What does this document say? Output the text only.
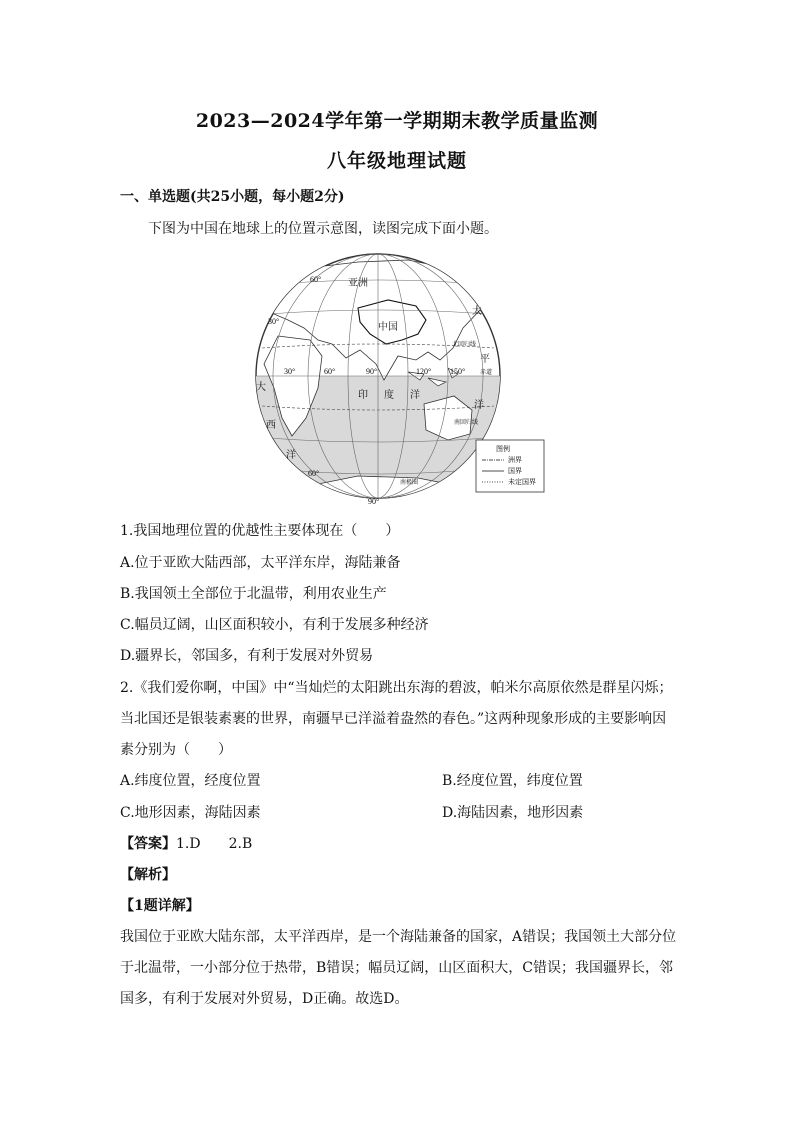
2023—2024学年第一学期期末教学质量监测
八年级地理试题
一、单选题(共25小题，每小题2分)
下图为中国在地球上的位置示意图，读图完成下面小题。
亚洲
中国
太
平
洋
印 度 洋
大
西
洋
60°
30°
30°	60°	90°	120° 150°
60°
90°
北回归线
赤道
南回归线
南极圈
图例
洲界
国界
未定国界
1.我国地理位置的优越性主要体现在（　　）
A.位于亚欧大陆西部，太平洋东岸，海陆兼备
B.我国领土全部位于北温带，利用农业生产
C.幅员辽阔，山区面积较小，有利于发展多种经济
D.疆界长，邻国多，有利于发展对外贸易
2.《我们爱你啊，中国》中“当灿烂的太阳跳出东海的碧波，帕米尔高原依然是群星闪烁；
当北国还是银装素裹的世界，南疆早已洋溢着盎然的春色。”这两种现象形成的主要影响因
素分别为（　　）
A.纬度位置，经度位置	B.经度位置，纬度位置
C.地形因素，海陆因素	D.海陆因素，地形因素
【答案】1.D　　2.B
【解析】
【1题详解】
我国位于亚欧大陆东部，太平洋西岸，是一个海陆兼备的国家，A错误；我国领土大部分位
于北温带，一小部分位于热带，B错误；幅员辽阔，山区面积大，C错误；我国疆界长，邻
国多，有利于发展对外贸易，D正确。故选D。
